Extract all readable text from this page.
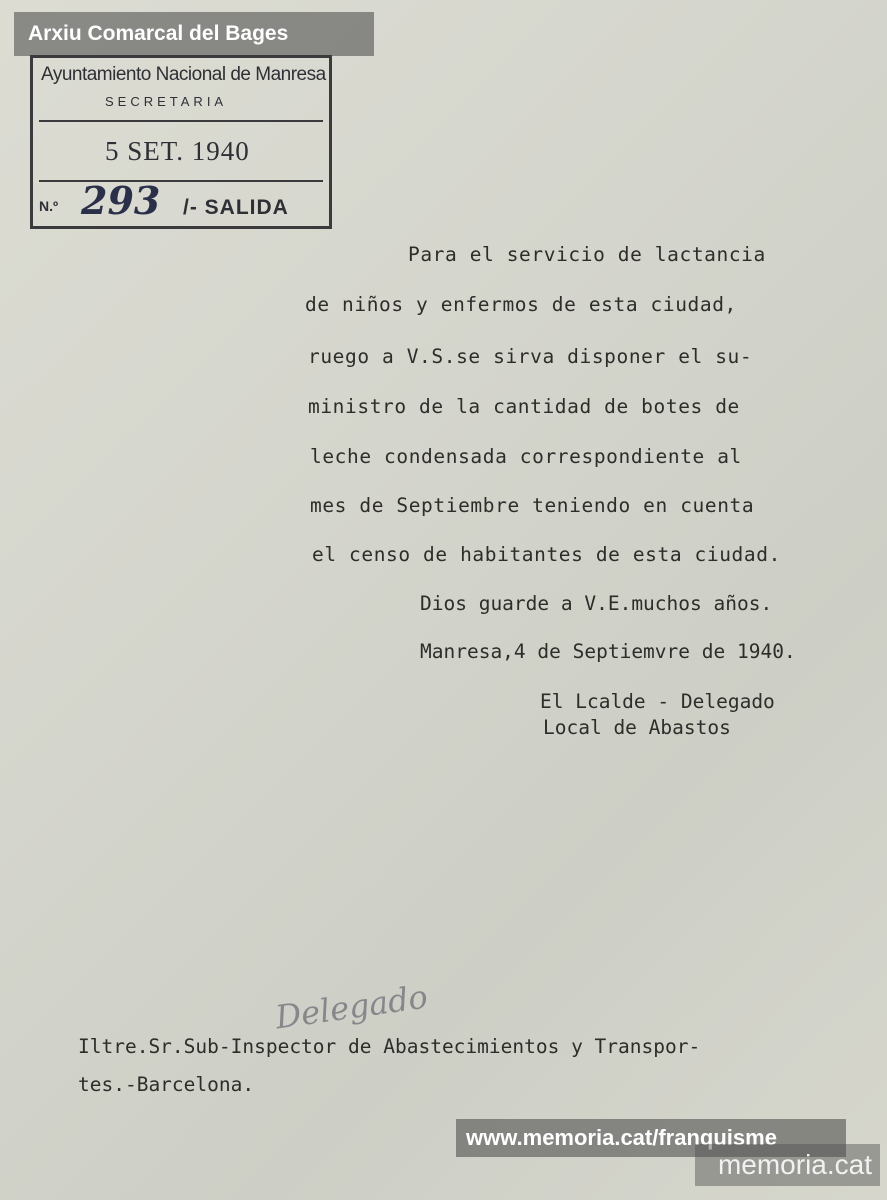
Arxiu Comarcal del Bages
Ayuntamiento Nacional de Manresa
SECRETARIA
5 SET. 1940
N.º 293 /- SALIDA
Para el servicio de lactancia
de niños y enfermos de esta ciudad,
ruego a V.S.se sirva disponer el su-
ministro de la cantidad de botes de
leche condensada correspondiente al
mes de Septiembre teniendo en cuenta
el censo de habitantes de esta ciudad.
Dios guarde a V.E.muchos años.
Manresa,4 de Septiemvre de 1940.
El Lcalde - Delegado
Local de Abastos
Delegado
Iltre.Sr.Sub-Inspector de Abastecimientos y Transpor-
tes.-Barcelona.
www.memoria.cat/franquisme
memoria.cat
